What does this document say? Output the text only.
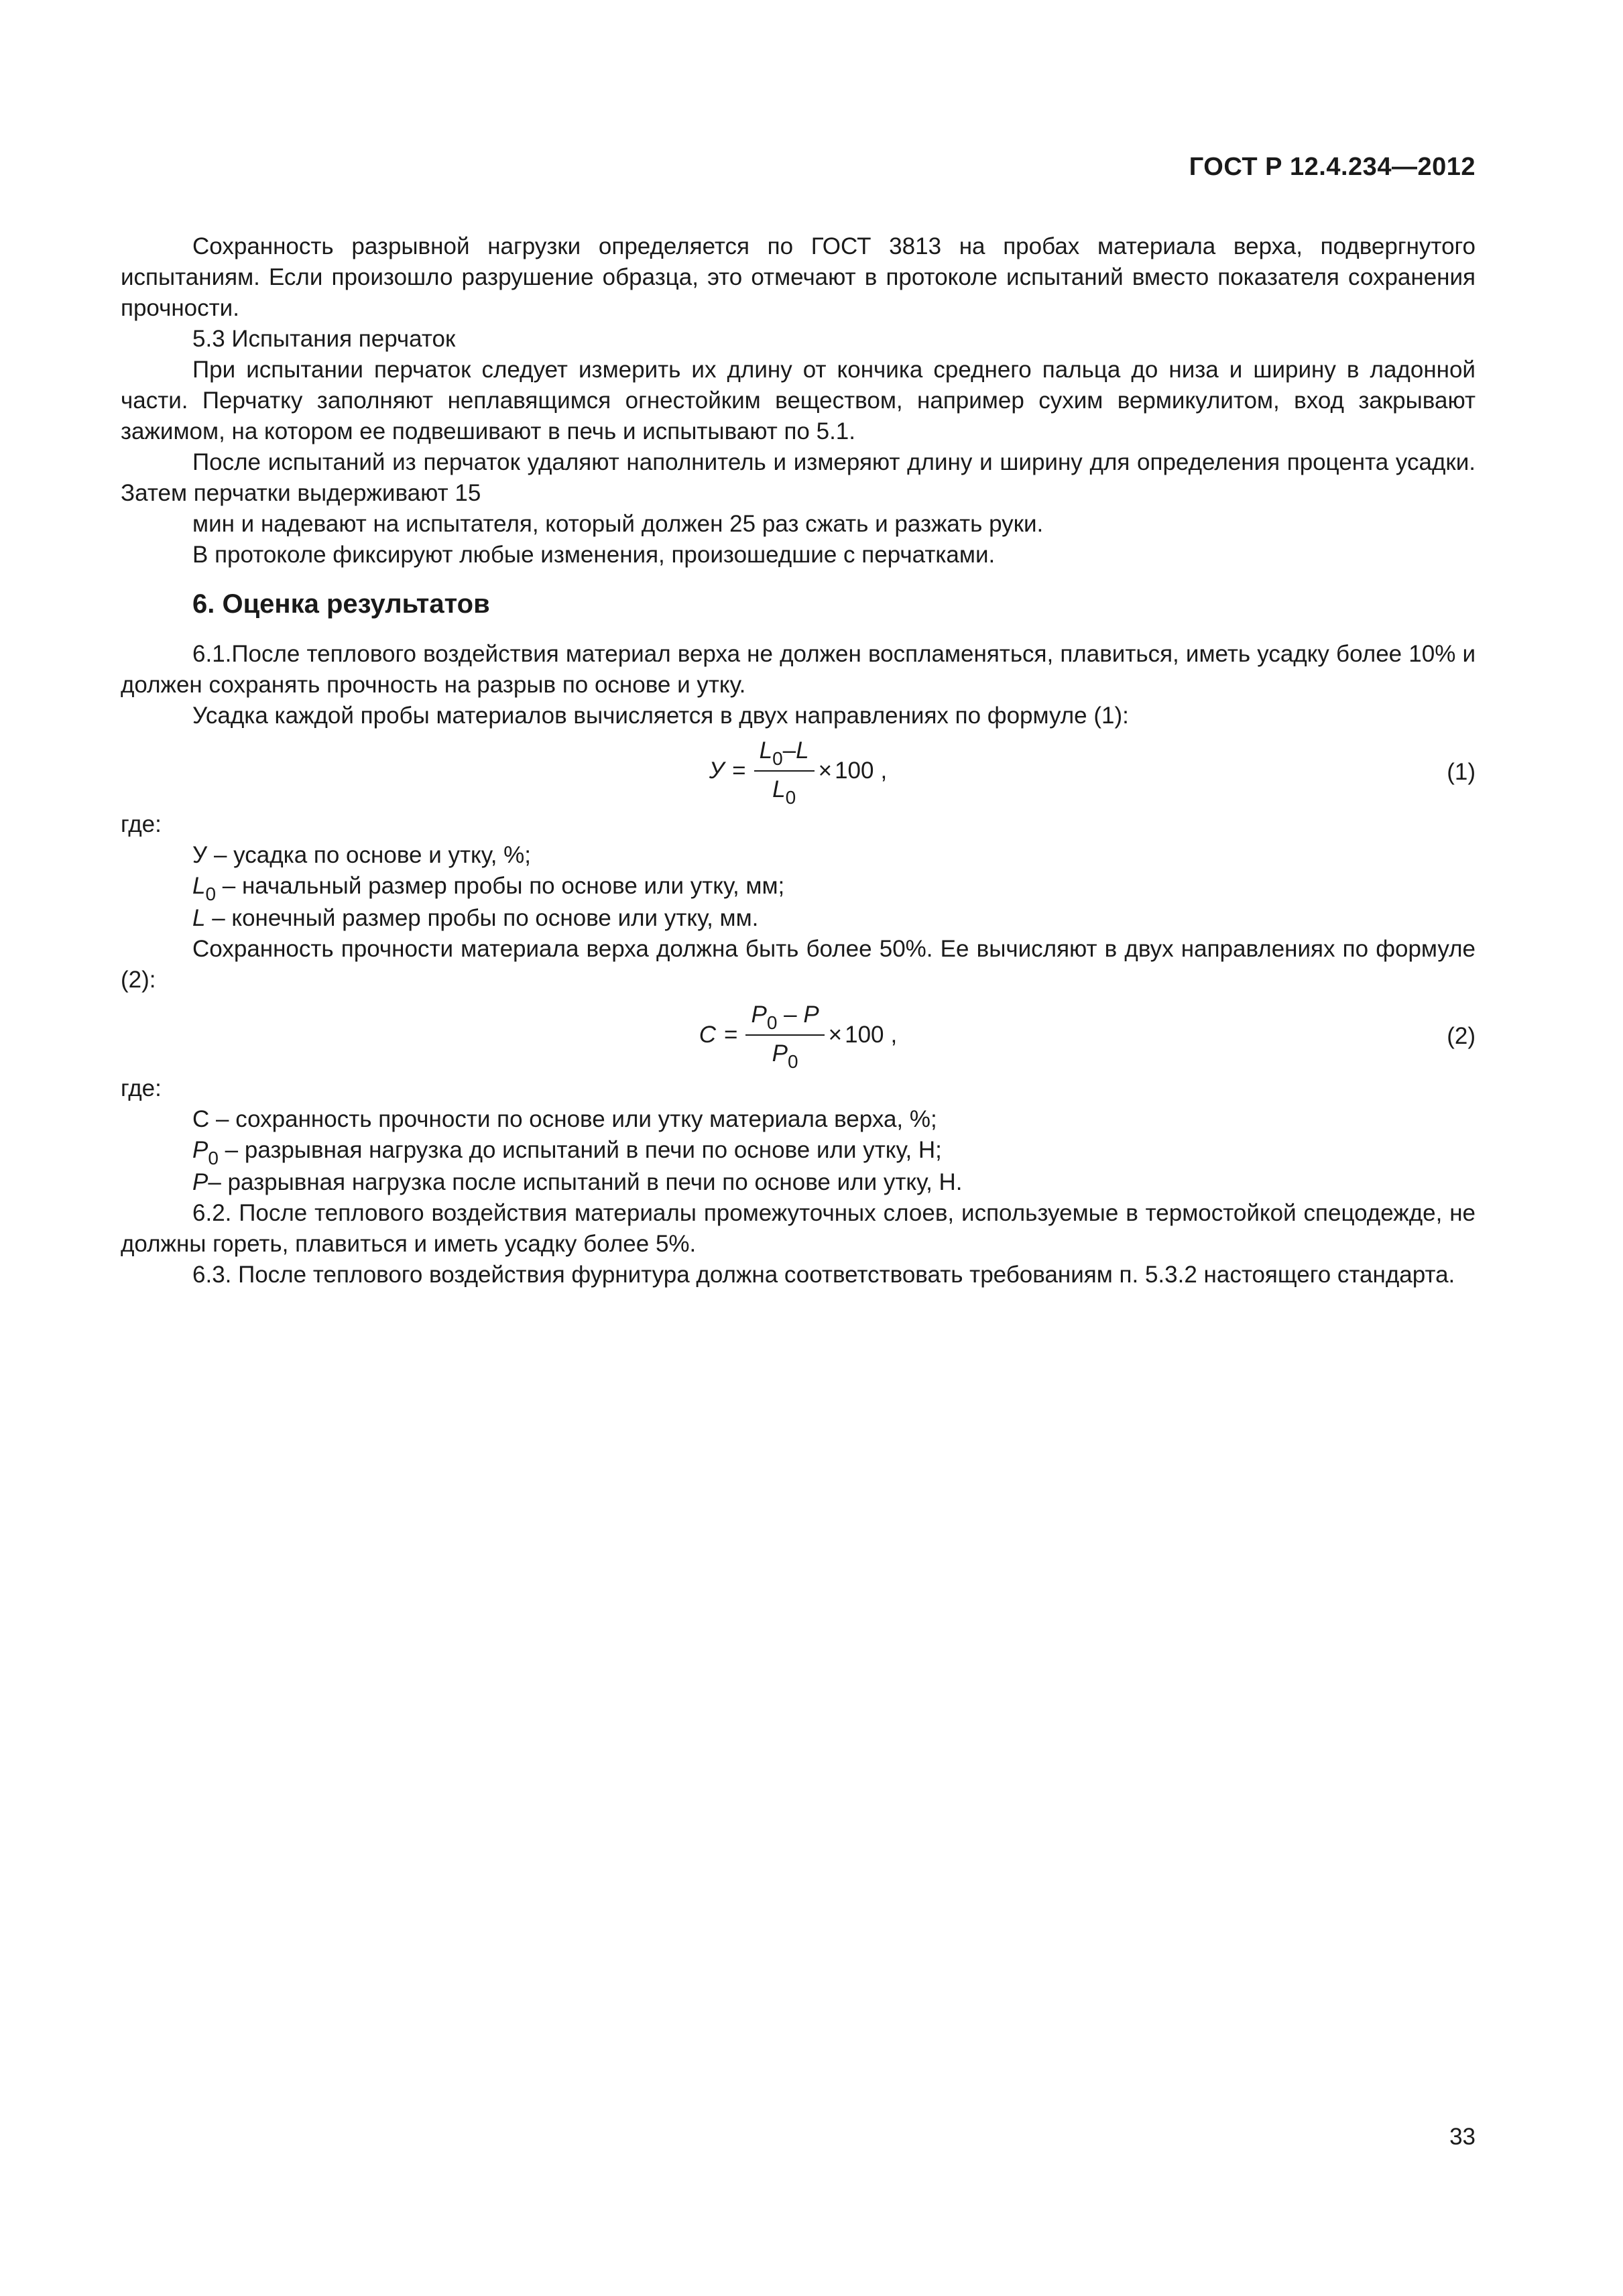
ГОСТ Р 12.4.234—2012

Сохранность разрывной нагрузки определяется по ГОСТ 3813 на пробах материала верха, подвергнутого испытаниям. Если произошло разрушение образца, это отмечают в протоколе испытаний вместо показателя сохранения прочности.

5.3 Испытания перчаток

При испытании перчаток следует измерить их длину от кончика среднего пальца до низа и ширину в ладонной части. Перчатку заполняют неплавящимся огнестойким веществом, например сухим вермикулитом, вход закрывают зажимом, на котором ее подвешивают в печь и испытывают по 5.1.

После испытаний из перчаток удаляют наполнитель и измеряют длину и ширину для определения процента усадки. Затем перчатки выдерживают 15

мин и надевают на испытателя, который должен 25 раз сжать и разжать руки.

В протоколе фиксируют любые изменения, произошедшие с перчатками.

6. Оценка результатов

6.1.После теплового воздействия материал верха не должен воспламеняться, плавиться, иметь усадку более 10% и должен сохранять прочность на разрыв по основе и утку.

Усадка каждой пробы материалов вычисляется в двух направлениях по формуле (1):

$У = \frac{L_0-L}{L_0} \times 100$ ,	(1)

где:

У – усадка по основе и утку, %;

$L_0$ – начальный размер пробы по основе или утку, мм;

L – конечный размер пробы по основе или утку, мм.

Сохранность прочности материала верха должна быть более 50%. Ее вычисляют в двух направлениях по формуле (2):

$C = \frac{P_0 - P}{P_0} \times 100$ ,	(2)

где:

С – сохранность прочности по основе или утку материала верха, %;

$P_0$ – разрывная нагрузка до испытаний в печи по основе или утку, Н;

P– разрывная нагрузка после испытаний в печи по основе или утку, Н.

6.2. После теплового воздействия материалы промежуточных слоев, используемые в термостойкой спецодежде, не должны гореть, плавиться и иметь усадку более 5%.

6.3. После теплового воздействия фурнитура должна соответствовать требованиям п. 5.3.2 настоящего стандарта.

33
